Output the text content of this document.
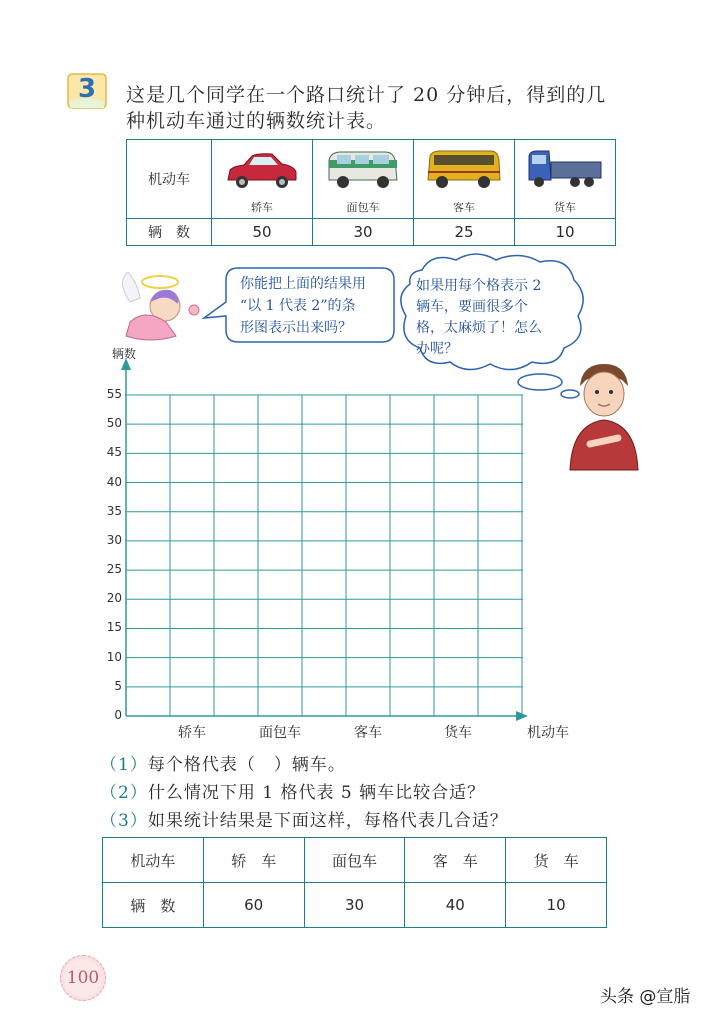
3	这是几个同学在一个路口统计了 20 分钟后，得到的几
种机动车通过的辆数统计表。
机动车	轿车	面包车	客车	货车

辆　数	50	30	25	10
你能把上面的结果用
“以 1 代表 2”的条
形图表示出来吗？
如果用每个格表示 2
辆车，要画很多个
格，太麻烦了！怎么
办呢？
辆数
机动车
0
5
10
15
20
25
30
35
40
45
50
55
轿车	面包车	客车	货车
（1）每个格代表（　）辆车。
（2）什么情况下用 1 格代表 5 辆车比较合适？
（3）如果统计结果是下面这样，每格代表几合适？
机动车	轿　车	面包车	客　车	货　车
辆　数	60	30	40	10
100
头条 @宣脂
